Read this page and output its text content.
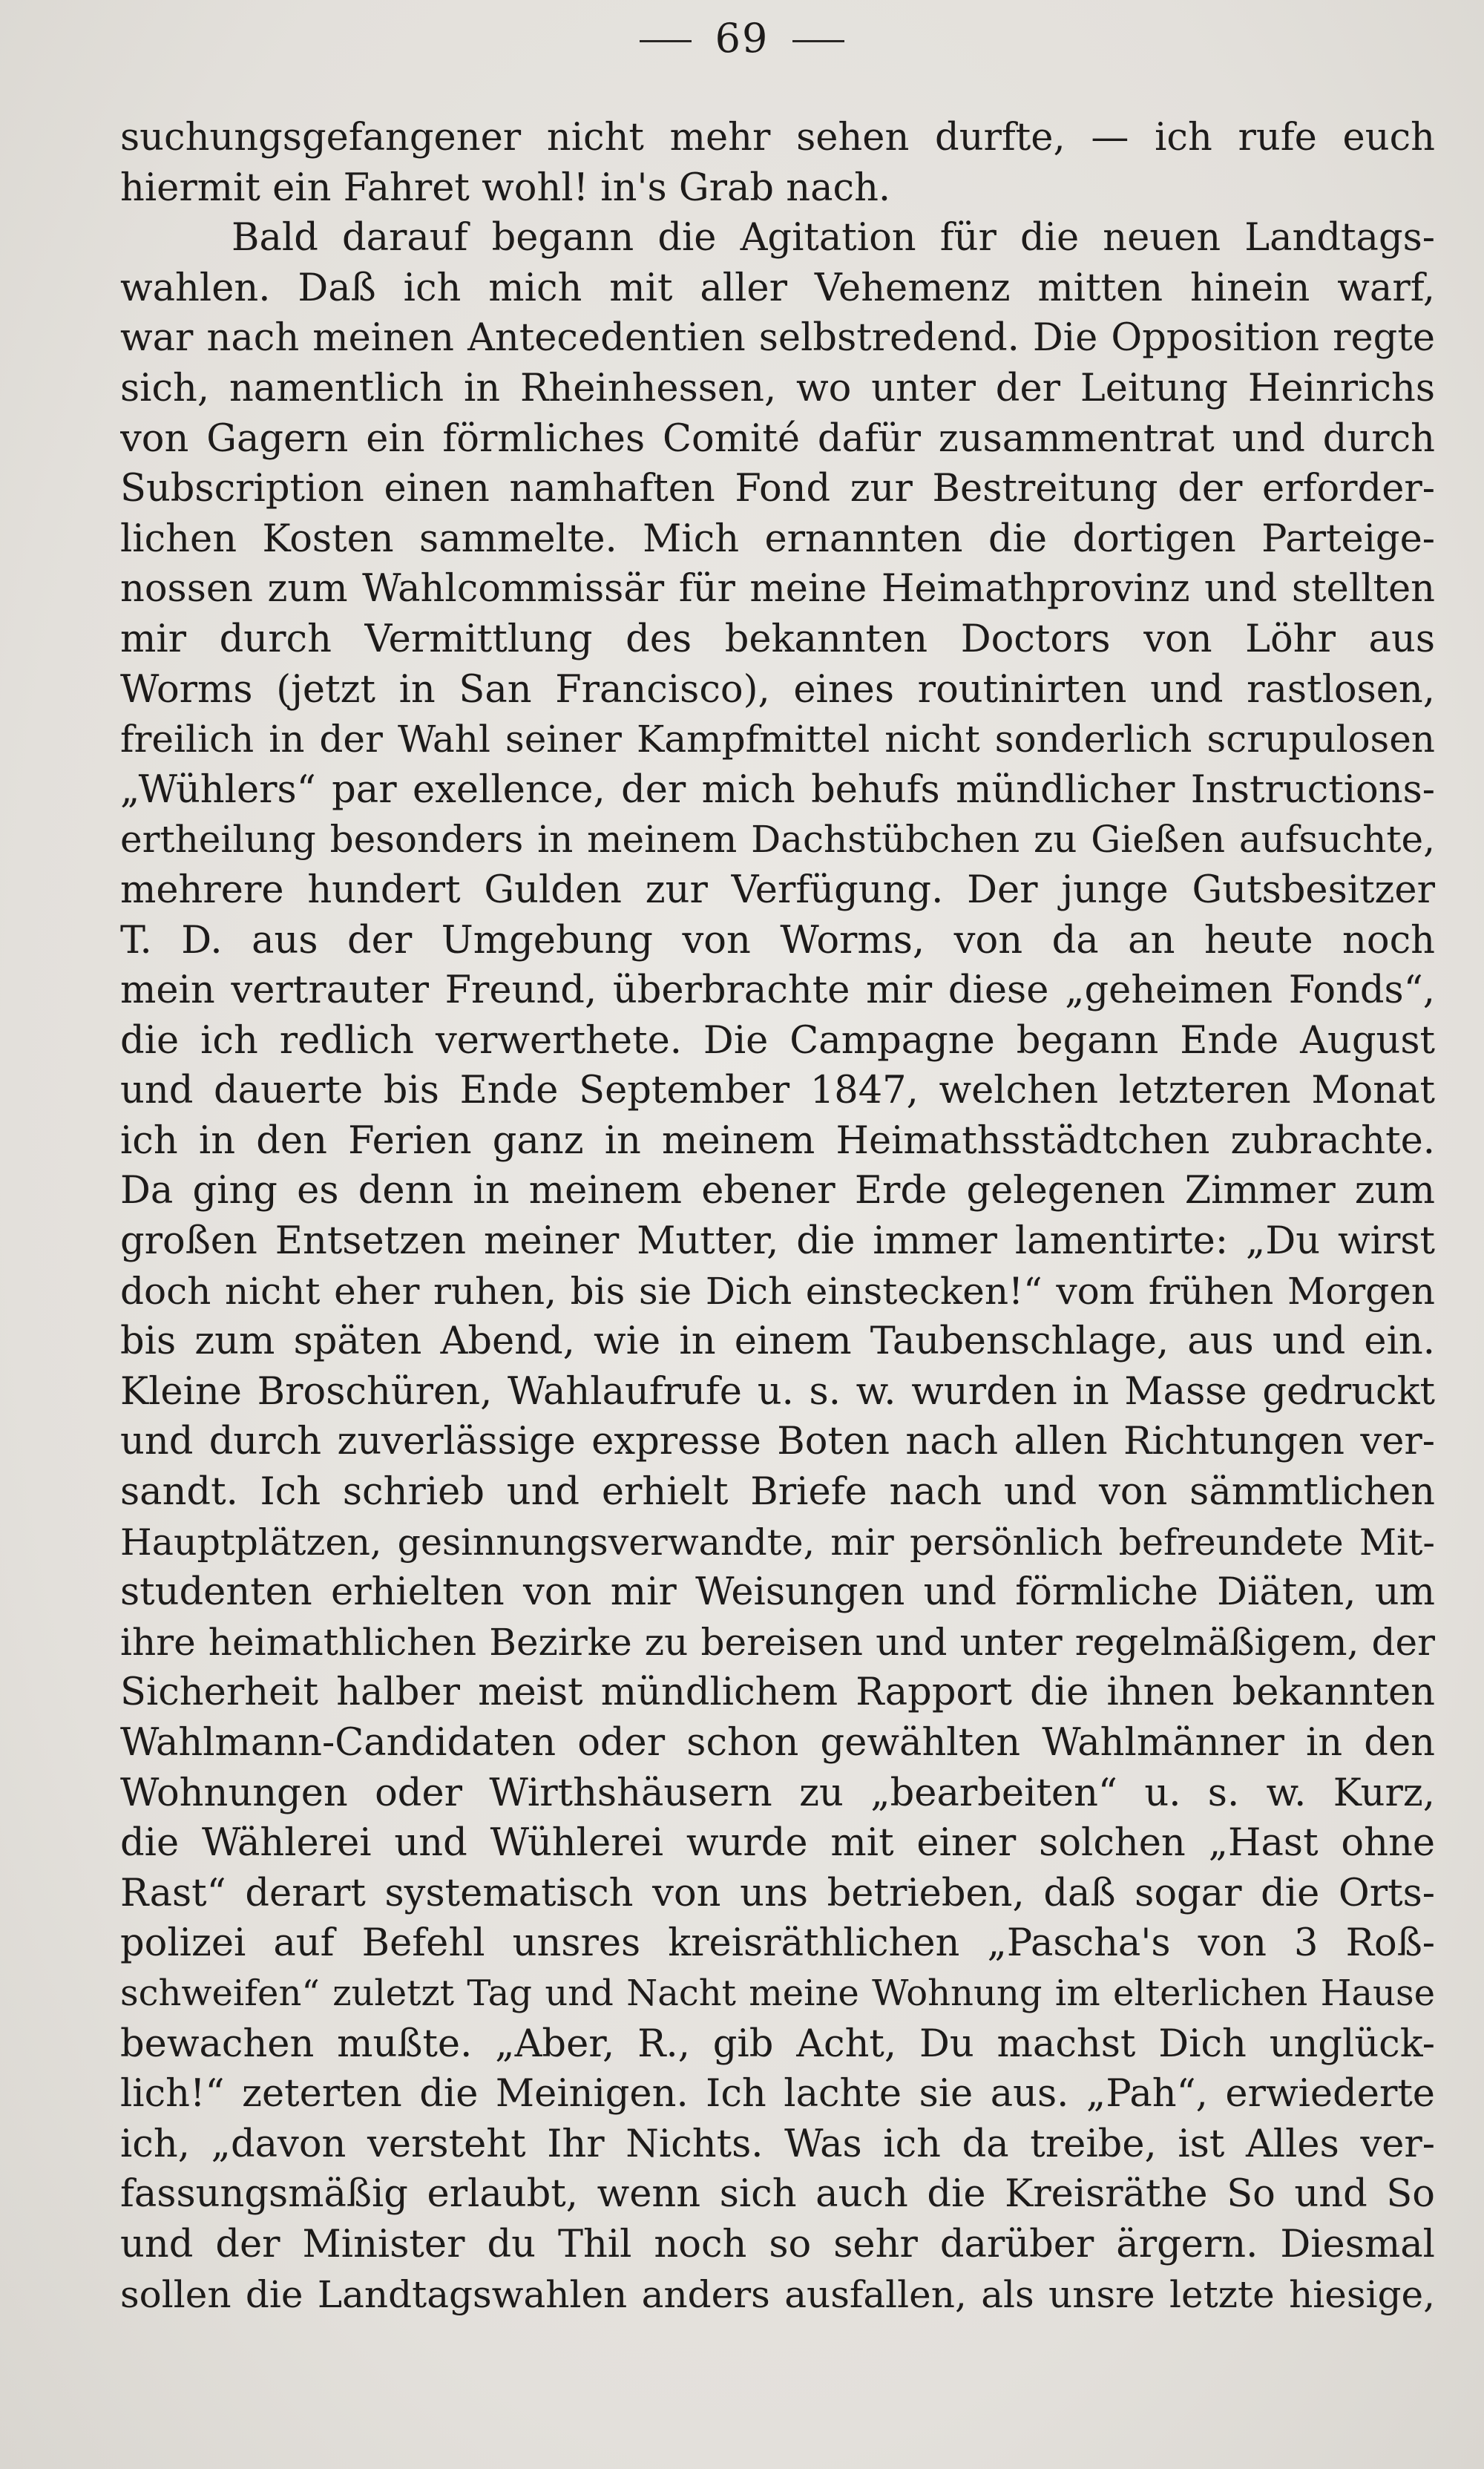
69
suchungsgefangener nicht mehr sehen durfte, — ich rufe euch
hiermit ein Fahret wohl! in's Grab nach.
Bald darauf begann die Agitation für die neuen Landtags-
wahlen. Daß ich mich mit aller Vehemenz mitten hinein warf,
war nach meinen Antecedentien selbstredend. Die Opposition regte
sich, namentlich in Rheinhessen, wo unter der Leitung Heinrichs
von Gagern ein förmliches Comité dafür zusammentrat und durch
Subscription einen namhaften Fond zur Bestreitung der erforder-
lichen Kosten sammelte. Mich ernannten die dortigen Parteige-
nossen zum Wahlcommissär für meine Heimathprovinz und stellten
mir durch Vermittlung des bekannten Doctors von Löhr aus
Worms (jetzt in San Francisco), eines routinirten und rastlosen,
freilich in der Wahl seiner Kampfmittel nicht sonderlich scrupulosen
„Wühlers“ par exellence, der mich behufs mündlicher Instructions-
ertheilung besonders in meinem Dachstübchen zu Gießen aufsuchte,
mehrere hundert Gulden zur Verfügung. Der junge Gutsbesitzer
T. D. aus der Umgebung von Worms, von da an heute noch
mein vertrauter Freund, überbrachte mir diese „geheimen Fonds“,
die ich redlich verwerthete. Die Campagne begann Ende August
und dauerte bis Ende September 1847, welchen letzteren Monat
ich in den Ferien ganz in meinem Heimathsstädtchen zubrachte.
Da ging es denn in meinem ebener Erde gelegenen Zimmer zum
großen Entsetzen meiner Mutter, die immer lamentirte: „Du wirst
doch nicht eher ruhen, bis sie Dich einstecken!“ vom frühen Morgen
bis zum späten Abend, wie in einem Taubenschlage, aus und ein.
Kleine Broschüren, Wahlaufrufe u. s. w. wurden in Masse gedruckt
und durch zuverlässige expresse Boten nach allen Richtungen ver-
sandt. Ich schrieb und erhielt Briefe nach und von sämmtlichen
Hauptplätzen, gesinnungsverwandte, mir persönlich befreundete Mit-
studenten erhielten von mir Weisungen und förmliche Diäten, um
ihre heimathlichen Bezirke zu bereisen und unter regelmäßigem, der
Sicherheit halber meist mündlichem Rapport die ihnen bekannten
Wahlmann-Candidaten oder schon gewählten Wahlmänner in den
Wohnungen oder Wirthshäusern zu „bearbeiten“ u. s. w. Kurz,
die Wählerei und Wühlerei wurde mit einer solchen „Hast ohne
Rast“ derart systematisch von uns betrieben, daß sogar die Orts-
polizei auf Befehl unsres kreisräthlichen „Pascha's von 3 Roß-
schweifen“ zuletzt Tag und Nacht meine Wohnung im elterlichen Hause
bewachen mußte. „Aber, R., gib Acht, Du machst Dich unglück-
lich!“ zeterten die Meinigen. Ich lachte sie aus. „Pah“, erwiederte
ich, „davon versteht Ihr Nichts. Was ich da treibe, ist Alles ver-
fassungsmäßig erlaubt, wenn sich auch die Kreisräthe So und So
und der Minister du Thil noch so sehr darüber ärgern. Diesmal
sollen die Landtagswahlen anders ausfallen, als unsre letzte hiesige,
